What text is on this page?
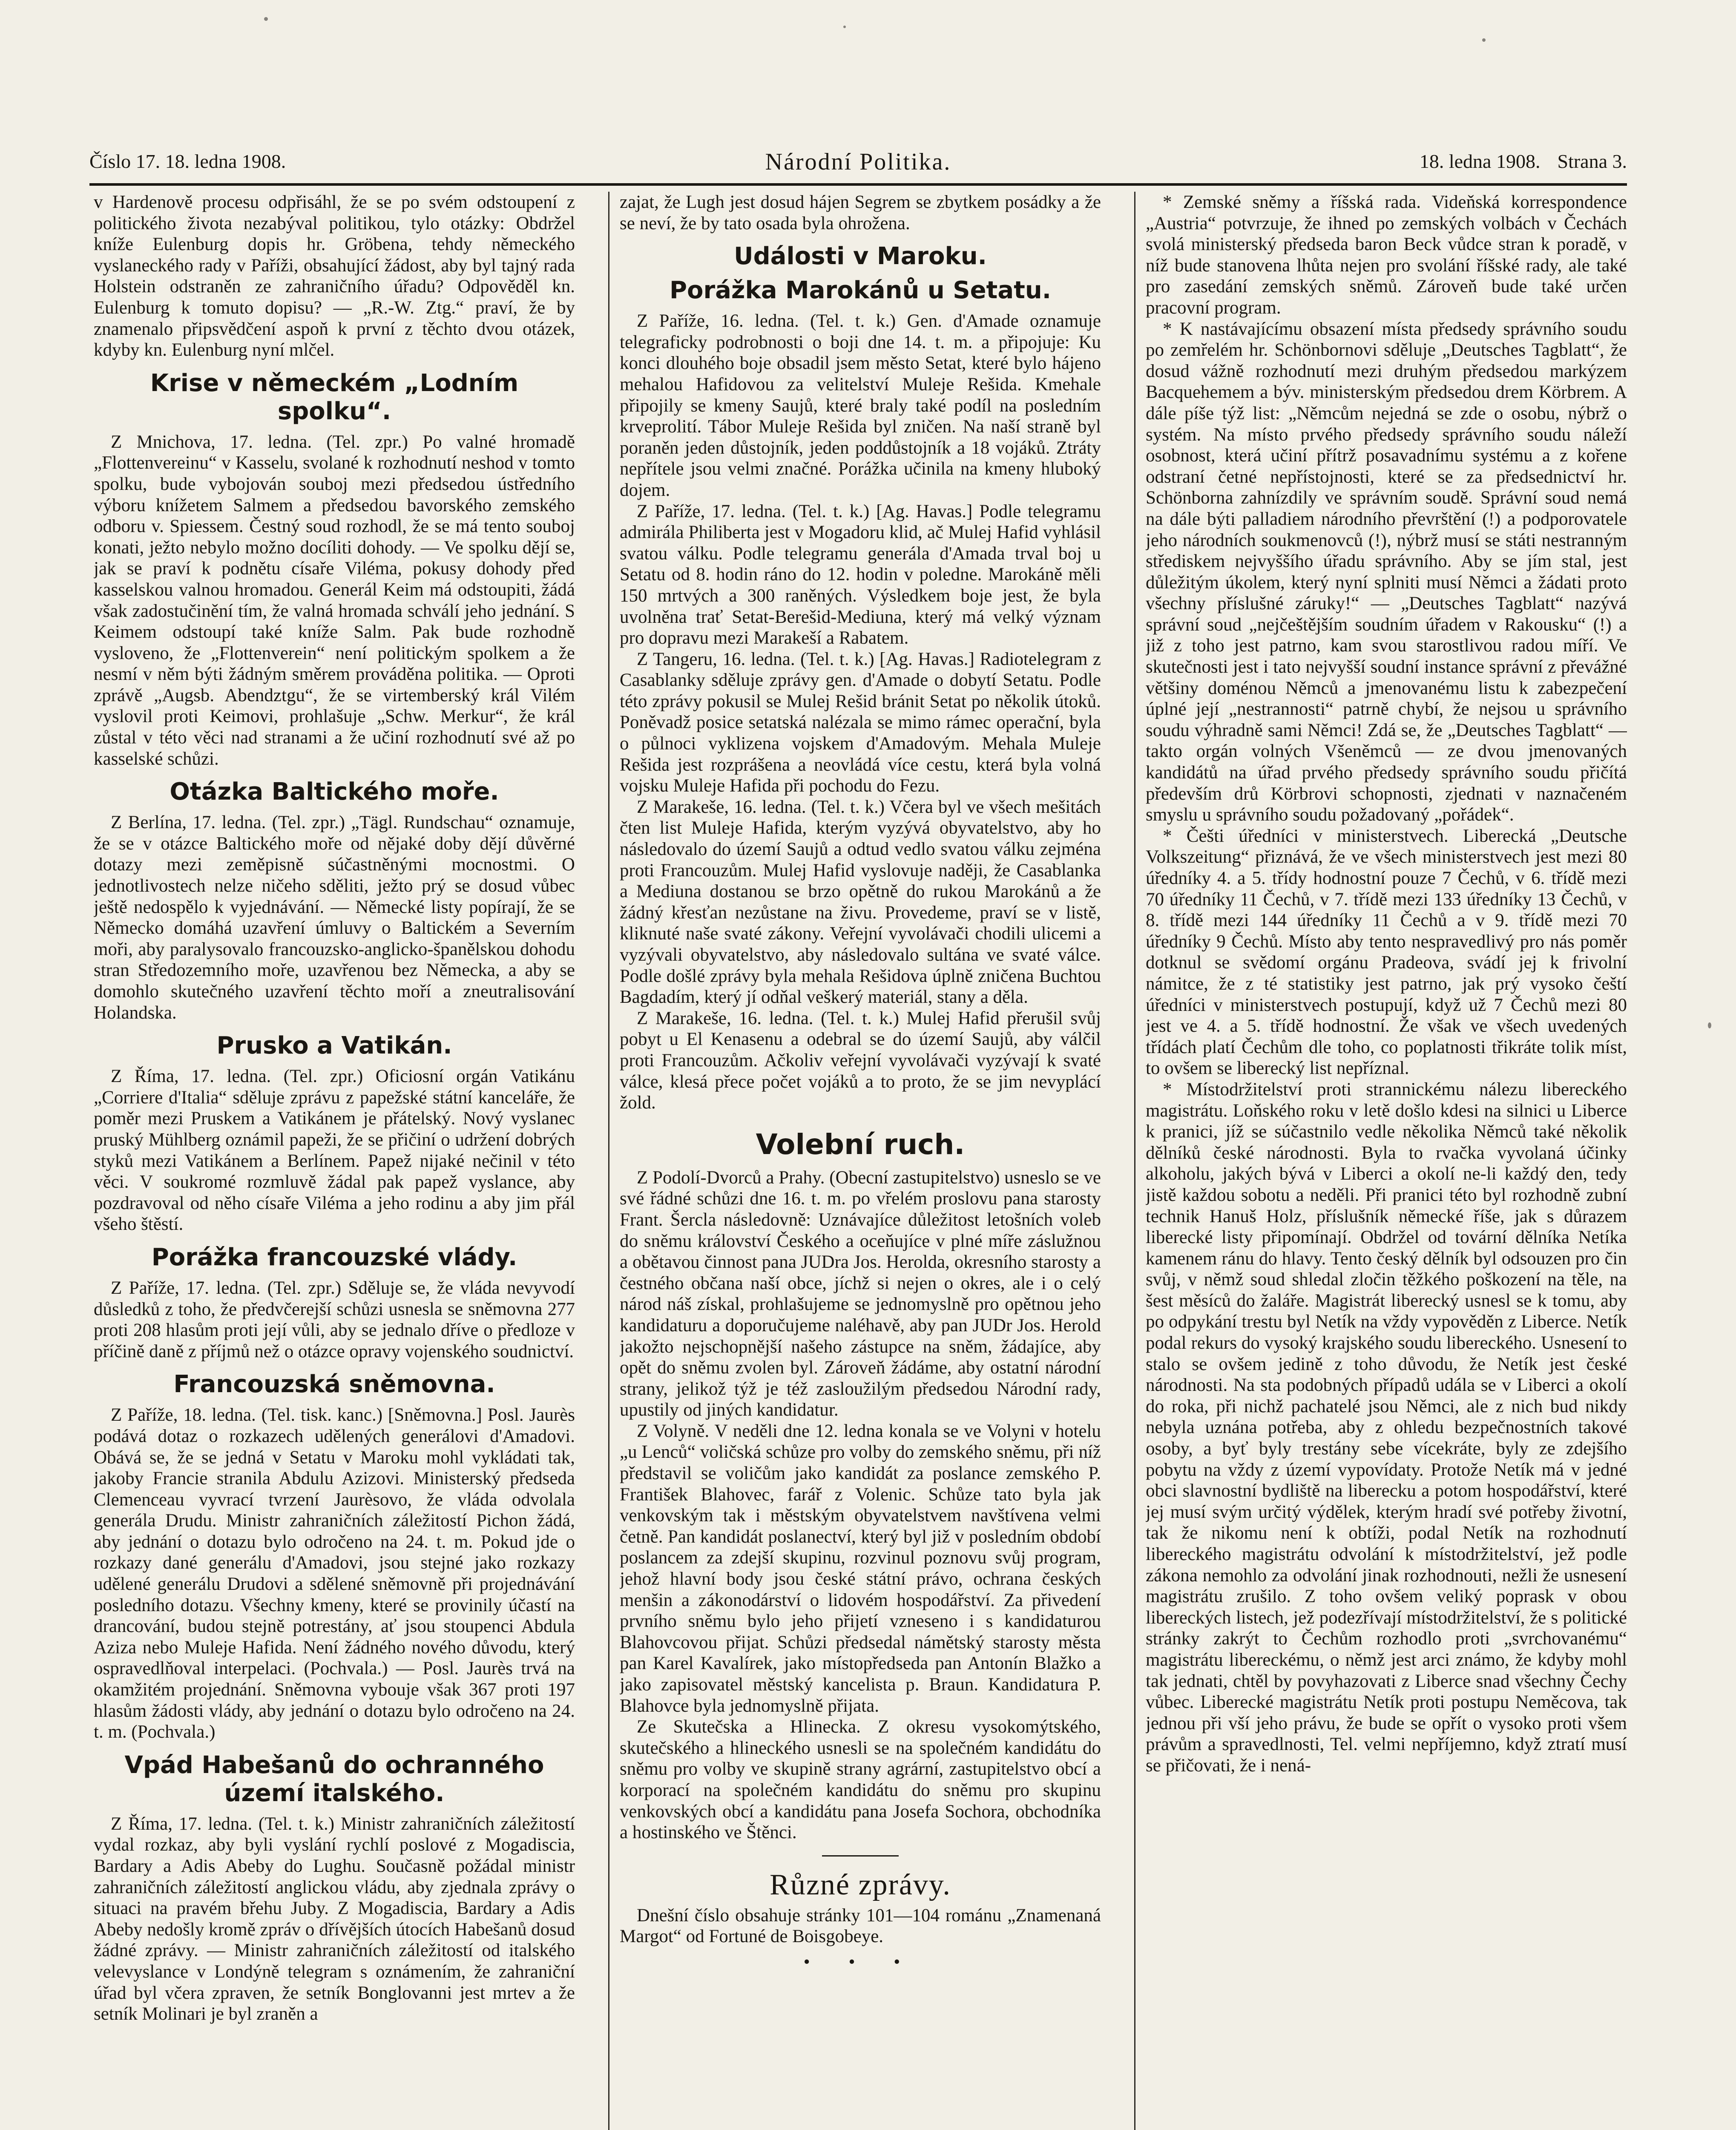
Číslo 17. 18. ledna 1908.	Národní Politika.	18. ledna 1908. Strana 3.

v Hardenově procesu odpřisáhl, že se po svém odstoupení z politického života nezabýval politikou, tylo otázky: Obdržel kníže Eulenburg dopis hr. Gröbena, tehdy německého vyslaneckého rady v Paříži, obsahující žádost, aby byl tajný rada Holstein odstraněn ze zahraničního úřadu? Odpověděl kn. Eulenburg k tomuto dopisu? — „R.-W. Ztg.“ praví, že by znamenalo připsvědčení aspoň k první z těchto dvou otázek, kdyby kn. Eulenburg nyní mlčel.

Krise v německém „Lodním spolku“.

Z Mnichova, 17. ledna. (Tel. zpr.) Po valné hromadě „Flottenvereinu“ v Kasselu, svolané k rozhodnutí neshod v tomto spolku, bude vybojován souboj mezi předsedou ústředního výboru knížetem Salmem a předsedou bavorského zemského odboru v. Spiessem. Čestný soud rozhodl, že se má tento souboj konati, ježto nebylo možno docíliti dohody. — Ve spolku dějí se, jak se praví k podnětu císaře Viléma, pokusy dohody před kasselskou valnou hromadou. Generál Keim má odstoupiti, žádá však zadostučinění tím, že valná hromada schválí jeho jednání. S Keimem odstoupí také kníže Salm. Pak bude rozhodně vysloveno, že „Flottenverein“ není politickým spolkem a že nesmí v něm býti žádným směrem prováděna politika. — Oproti zprávě „Augsb. Abendztgu“, že se virtemberský král Vilém vyslovil proti Keimovi, prohlašuje „Schw. Merkur“, že král zůstal v této věci nad stranami a že učiní rozhodnutí své až po kasselské schůzi.

Otázka Baltického moře.

Z Berlína, 17. ledna. (Tel. zpr.) „Tägl. Rundschau“ oznamuje, že se v otázce Baltického moře od nějaké doby dějí důvěrné dotazy mezi zeměpisně súčastněnými mocnostmi. O jednotlivostech nelze ničeho sděliti, ježto prý se dosud vůbec ještě nedospělo k vyjednávání. — Německé listy popírají, že se Německo domáhá uzavření úmluvy o Baltickém a Severním moři, aby paralysovalo francouzsko-anglicko-španělskou dohodu stran Středozemního moře, uzavřenou bez Německa, a aby se domohlo skutečného uzavření těchto moří a zneutralisování Holandska.

Prusko a Vatikán.

Z Říma, 17. ledna. (Tel. zpr.) Oficiosní orgán Vatikánu „Corriere d'Italia“ sděluje zprávu z papežské státní kanceláře, že poměr mezi Pruskem a Vatikánem je přátelský. Nový vyslanec pruský Mühlberg oznámil papeži, že se přičiní o udržení dobrých styků mezi Vatikánem a Berlínem. Papež nijaké nečinil v této věci. V soukromé rozmluvě žádal pak papež vyslance, aby pozdravoval od něho císaře Viléma a jeho rodinu a aby jim přál všeho štěstí.

Porážka francouzské vlády.

Z Paříže, 17. ledna. (Tel. zpr.) Sděluje se, že vláda nevyvodí důsledků z toho, že předvčerejší schůzi usnesla se sněmovna 277 proti 208 hlasům proti její vůli, aby se jednalo dříve o předloze v příčině daně z příjmů než o otázce opravy vojenského soudnictví.

Francouzská sněmovna.

Z Paříže, 18. ledna. (Tel. tisk. kanc.) [Sněmovna.] Posl. Jaurès podává dotaz o rozkazech udělených generálovi d'Amadovi. Obává se, že se jedná v Setatu v Maroku mohl vykládati tak, jakoby Francie stranila Abdulu Azizovi. Ministerský předseda Clemenceau vyvrací tvrzení Jaurèsovo, že vláda odvolala generála Drudu. Ministr zahraničních záležitostí Pichon žádá, aby jednání o dotazu bylo odročeno na 24. t. m. Pokud jde o rozkazy dané generálu d'Amadovi, jsou stejné jako rozkazy udělené generálu Drudovi a sdělené sněmovně při projednávání posledního dotazu. Všechny kmeny, které se provinily účastí na drancování, budou stejně potrestány, ať jsou stoupenci Abdula Aziza nebo Muleje Hafida. Není žádného nového důvodu, který ospravedlňoval interpelaci. (Pochvala.) — Posl. Jaurès trvá na okamžitém projednání. Sněmovna vybouje však 367 proti 197 hlasům žádosti vlády, aby jednání o dotazu bylo odročeno na 24. t. m. (Pochvala.)

Vpád Habešanů do ochranného území italského.

Z Říma, 17. ledna. (Tel. t. k.) Ministr zahraničních záležitostí vydal rozkaz, aby byli vyslání rychlí poslové z Mogadiscia, Bardary a Adis Abeby do Lughu. Současně požádal ministr zahraničních záležitostí anglickou vládu, aby zjednala zprávy o situaci na pravém břehu Juby. Z Mogadiscia, Bardary a Adis Abeby nedošly kromě zpráv o dřívějších útocích Habešanů dosud žádné zprávy. — Ministr zahraničních záležitostí od italského velevyslance v Londýně telegram s oznámením, že zahraniční úřad byl včera zpraven, že setník Bonglovanni jest mrtev a že setník Molinari je byl zraněn a

zajat, že Lugh jest dosud hájen Segrem se zbytkem posádky a že se neví, že by tato osada byla ohrožena.

Události v Maroku.
Porážka Marokánů u Setatu.

Z Paříže, 16. ledna. (Tel. t. k.) Gen. d'Amade oznamuje telegraficky podrobnosti o boji dne 14. t. m. a připojuje: Ku konci dlouhého boje obsadil jsem město Setat, které bylo hájeno mehalou Hafidovou za velitelství Muleje Rešida. Kmehale připojily se kmeny Saujů, které braly také podíl na posledním krveprolití. Tábor Muleje Rešida byl zničen. Na naší straně byl poraněn jeden důstojník, jeden poddůstojník a 18 vojáků. Ztráty nepřítele jsou velmi značné. Porážka učinila na kmeny hluboký dojem.

Z Paříže, 17. ledna. (Tel. t. k.) [Ag. Havas.] Podle telegramu admirála Philiberta jest v Mogadoru klid, ač Mulej Hafid vyhlásil svatou válku. Podle telegramu generála d'Amada trval boj u Setatu od 8. hodin ráno do 12. hodin v poledne. Marokáně měli 150 mrtvých a 300 raněných. Výsledkem boje jest, že byla uvolněna trať Setat-Berešid-Mediuna, který má velký význam pro dopravu mezi Marakeší a Rabatem.

Z Tangeru, 16. ledna. (Tel. t. k.) [Ag. Havas.] Radiotelegram z Casablanky sděluje zprávy gen. d'Amade o dobytí Setatu. Podle této zprávy pokusil se Mulej Rešid bránit Setat po několik útoků. Poněvadž posice setatská nalézala se mimo rámec operační, byla o půlnoci vyklizena vojskem d'Amadovým. Mehala Muleje Rešida jest rozprášena a neovládá více cestu, která byla volná vojsku Muleje Hafida při pochodu do Fezu.

Z Marakeše, 16. ledna. (Tel. t. k.) Včera byl ve všech mešitách čten list Muleje Hafida, kterým vyzývá obyvatelstvo, aby ho následovalo do území Saujů a odtud vedlo svatou válku zejména proti Francouzům. Mulej Hafid vyslovuje naději, že Casablanka a Mediuna dostanou se brzo opětně do rukou Marokánů a že žádný křesťan nezůstane na živu. Provedeme, praví se v listě, kliknuté naše svaté zákony. Veřejní vyvolávači chodili ulicemi a vyzývali obyvatelstvo, aby následovalo sultána ve svaté válce. Podle došlé zprávy byla mehala Rešidova úplně zničena Buchtou Bagdadím, který jí odňal veškerý materiál, stany a děla.

Z Marakeše, 16. ledna. (Tel. t. k.) Mulej Hafid přerušil svůj pobyt u El Kenasenu a odebral se do území Saujů, aby válčil proti Francouzům. Ačkoliv veřejní vyvolávači vyzývají k svaté válce, klesá přece počet vojáků a to proto, že se jim nevyplácí žold.

Volební ruch.

Z Podolí-Dvorců a Prahy. (Obecní zastupitelstvo) usneslo se ve své řádné schůzi dne 16. t. m. po vřelém proslovu pana starosty Frant. Šercla následovně: Uznávajíce důležitost letošních voleb do sněmu království Českého a oceňujíce v plné míře záslužnou a obětavou činnost pana JUDra Jos. Herolda, okresního starosty a čestného občana naší obce, jíchž si nejen o okres, ale i o celý národ náš získal, prohlašujeme se jednomyslně pro opětnou jeho kandidaturu a doporučujeme naléhavě, aby pan JUDr Jos. Herold jakožto nejschopnější našeho zástupce na sněm, žádajíce, aby opět do sněmu zvolen byl. Zároveň žádáme, aby ostatní národní strany, jelikož týž je též zasloužilým předsedou Národní rady, upustily od jiných kandidatur.

Z Volyně. V neděli dne 12. ledna konala se ve Volyni v hotelu „u Lenců“ voličská schůze pro volby do zemského sněmu, při níž představil se voličům jako kandidát za poslance zemského P. František Blahovec, farář z Volenic. Schůze tato byla jak venkovským tak i městským obyvatelstvem navštívena velmi četně. Pan kandidát poslanectví, který byl již v posledním období poslancem za zdejší skupinu, rozvinul poznovu svůj program, jehož hlavní body jsou české státní právo, ochrana českých menšin a zákonodárství o lidovém hospodářství. Za přivedení prvního sněmu bylo jeho přijetí vzneseno i s kandidaturou Blahovcovou přijat. Schůzi předsedal námětský starosty města pan Karel Kavalírek, jako místopředseda pan Antonín Blažko a jako zapisovatel městský kancelista p. Braun. Kandidatura P. Blahovce byla jednomyslně přijata.

Ze Skutečska a Hlinecka. Z okresu vysokomýtského, skutečského a hlineckého usnesli se na společném kandidátu do sněmu pro volby ve skupině strany agrární, zastupitelstvo obcí a korporací na společném kandidátu do sněmu pro skupinu venkovských obcí a kandidátu pana Josefa Sochora, obchodníka a hostinského ve Štěnci.

Různé zprávy.

Dnešní číslo obsahuje stránky 101—104 románu „Znamenaná Margot“ od Fortuné de Boisgobeye.

• • •

* Zemské sněmy a říšská rada. Videňská korrespondence „Austria“ potvrzuje, že ihned po zemských volbách v Čechách svolá ministerský předseda baron Beck vůdce stran k poradě, v níž bude stanovena lhůta nejen pro svolání říšské rady, ale také pro zasedání zemských sněmů. Zároveň bude také určen pracovní program.

* K nastávajícímu obsazení místa předsedy správního soudu po zemřelém hr. Schönbornovi sděluje „Deutsches Tagblatt“, že dosud vážně rozhodnutí mezi druhým předsedou markýzem Bacquehemem a býv. ministerským předsedou drem Körbrem. A dále píše týž list: „Němcům nejedná se zde o osobu, nýbrž o systém. Na místo prvého předsedy správního soudu náleží osobnost, která učiní přítrž posavadnímu systému a z kořene odstraní četné nepřístojnosti, které se za předsednictví hr. Schönborna zahnízdily ve správním soudě. Správní soud nemá na dále býti palladiem národního převrštění (!) a podporovatele jeho národních soukmenovců (!), nýbrž musí se státi nestranným střediskem nejvyššího úřadu správního. Aby se jím stal, jest důležitým úkolem, který nyní splniti musí Němci a žádati proto všechny příslušné záruky!“ — „Deutsches Tagblatt“ nazývá správní soud „nejčeštějším soudním úřadem v Rakousku“ (!) a již z toho jest patrno, kam svou starostlivou radou míří. Ve skutečnosti jest i tato nejvyšší soudní instance správní z převážné většiny doménou Němců a jmenovanému listu k zabezpečení úplné její „nestrannosti“ patrně chybí, že nejsou u správního soudu výhradně sami Němci! Zdá se, že „Deutsches Tagblatt“ — takto orgán volných Všeněmců — ze dvou jmenovaných kandidátů na úřad prvého předsedy správního soudu přičítá především drů Körbrovi schopnosti, zjednati v naznačeném smyslu u správního soudu požadovaný „pořádek“.

* Češti úředníci v ministerstvech. Liberecká „Deutsche Volkszeitung“ přiznává, že ve všech ministerstvech jest mezi 80 úředníky 4. a 5. třídy hodnostní pouze 7 Čechů, v 6. třídě mezi 70 úředníky 11 Čechů, v 7. třídě mezi 133 úředníky 13 Čechů, v 8. třídě mezi 144 úředníky 11 Čechů a v 9. třídě mezi 70 úředníky 9 Čechů. Místo aby tento nespravedlivý pro nás poměr dotknul se svědomí orgánu Pradeova, svádí jej k frivolní námitce, že z té statistiky jest patrno, jak prý vysoko čeští úředníci v ministerstvech postupují, když už 7 Čechů mezi 80 jest ve 4. a 5. třídě hodnostní. Že však ve všech uvedených třídách platí Čechům dle toho, co poplatnosti třikráte tolik míst, to ovšem se liberecký list nepříznal.

* Místodržitelství proti strannickému nálezu libereckého magistrátu. Loňského roku v letě došlo kdesi na silnici u Liberce k pranici, jíž se súčastnilo vedle několika Němců také několik dělníků české národnosti. Byla to rvačka vyvolaná účinky alkoholu, jakých bývá v Liberci a okolí ne-li každý den, tedy jistě každou sobotu a neděli. Při pranici této byl rozhodně zubní technik Hanuš Holz, příslušník německé říše, jak s důrazem liberecké listy připomínají. Obdržel od tovární dělníka Netíka kamenem ránu do hlavy. Tento český dělník byl odsouzen pro čin svůj, v němž soud shledal zločin těžkého poškození na těle, na šest měsíců do žaláře. Magistrát liberecký usnesl se k tomu, aby po odpykání trestu byl Netík na vždy vypověděn z Liberce. Netík podal rekurs do vysoký krajského soudu libereckého. Usnesení to stalo se ovšem jedině z toho důvodu, že Netík jest české národnosti. Na sta podobných případů udála se v Liberci a okolí do roka, při nichž pachatelé jsou Němci, ale z nich bud nikdy nebyla uznána potřeba, aby z ohledu bezpečnostních takové osoby, a byť byly trestány sebe vícekráte, byly ze zdejšího pobytu na vždy z území vypovídaty. Protože Netík má v jedné obci slavnostní bydliště na liberecku a potom hospodářství, které jej musí svým určitý výdělek, kterým hradí své potřeby životní, tak že nikomu není k obtíži, podal Netík na rozhodnutí libereckého magistrátu odvolání k místodržitelství, jež podle zákona nemohlo za odvolání jinak rozhodnouti, nežli že usnesení magistrátu zrušilo. Z toho ovšem veliký poprask v obou libereckých listech, jež podezřívají místodržitelství, že s politické stránky zakrýt to Čechům rozhodlo proti „svrchovanému“ magistrátu libereckému, o němž jest arci známo, že kdyby mohl tak jednati, chtěl by povyhazovati z Liberce snad všechny Čechy vůbec. Liberecké magistrátu Netík proti postupu Neměcova, tak jednou při vší jeho právu, že bude se opřít o vysoko proti všem právům a spravedlnosti, Tel. velmi nepříjemno, když ztratí musí se přičovati, že i nená-
